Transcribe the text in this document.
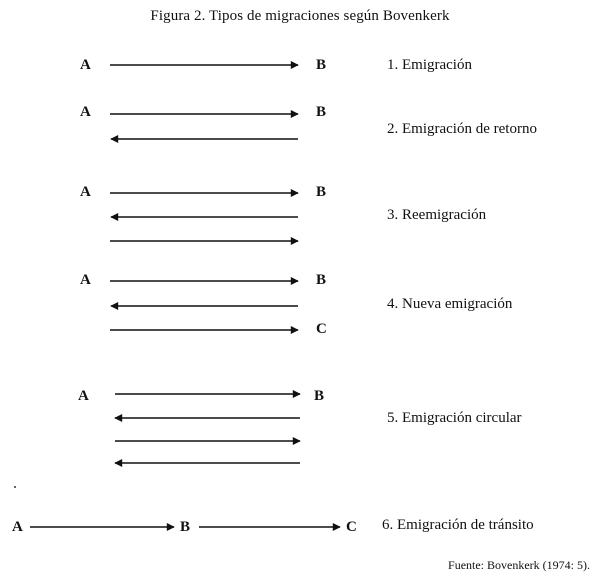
Figura 2. Tipos de migraciones según Bovenkerk
A	B	1. Emigración
A	B
2. Emigración de retorno
A	B
3. Reemigración
A	B
C
4. Nueva emigración
A	B
5. Emigración circular
A	B	C 6. Emigración de tránsito
Fuente: Bovenkerk (1974: 5).
